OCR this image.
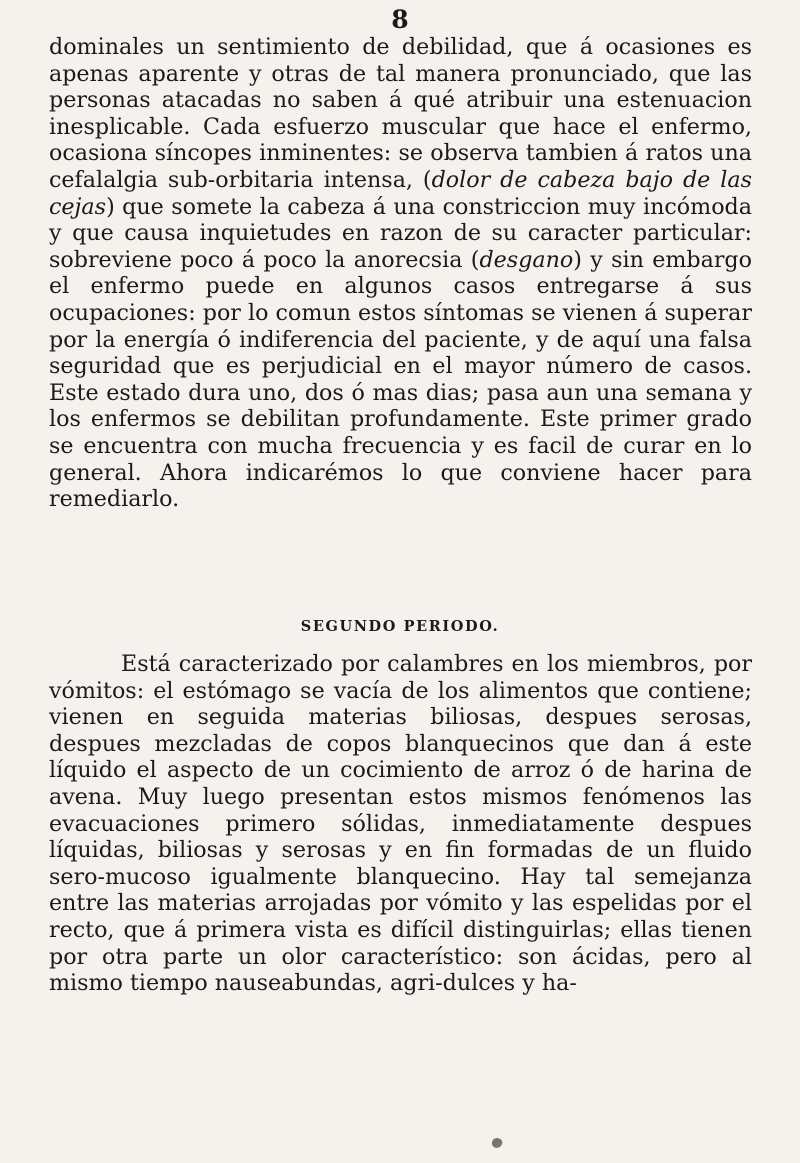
8

dominales un sentimiento de debilidad, que á ocasiones es apenas aparente y otras de tal manera pronunciado, que las personas atacadas no saben á qué atribuir una estenuacion inesplicable. Cada esfuerzo muscular que hace el enfermo, ocasiona síncopes inminentes: se observa tambien á ratos una cefalalgia sub-orbitaria intensa, (dolor de cabeza bajo de las cejas) que somete la cabeza á una constriccion muy incómoda y que causa inquietudes en razon de su caracter particular: sobreviene poco á poco la anorecsia (desgano) y sin embargo el enfermo puede en algunos casos entregarse á sus ocupaciones: por lo comun estos síntomas se vienen á superar por la energía ó indiferencia del paciente, y de aquí una falsa seguridad que es perjudicial en el mayor número de casos. Este estado dura uno, dos ó mas dias; pasa aun una semana y los enfermos se debilitan profundamente. Este primer grado se encuentra con mucha frecuencia y es facil de curar en lo general. Ahora indicarémos lo que conviene hacer para remediarlo.

SEGUNDO PERIODO.

Está caracterizado por calambres en los miembros, por vómitos: el estómago se vacía de los alimentos que contiene; vienen en seguida materias biliosas, despues serosas, despues mezcladas de copos blanquecinos que dan á este líquido el aspecto de un cocimiento de arroz ó de harina de avena. Muy luego presentan estos mismos fenómenos las evacuaciones primero sólidas, inmediatamente despues líquidas, biliosas y serosas y en fin formadas de un fluido sero-mucoso igualmente blanquecino. Hay tal semejanza entre las materias arrojadas por vómito y las espelidas por el recto, que á primera vista es difícil distinguirlas; ellas tienen por otra parte un olor característico: son ácidas, pero al mismo tiempo nauseabundas, agri-dulces y ha-
